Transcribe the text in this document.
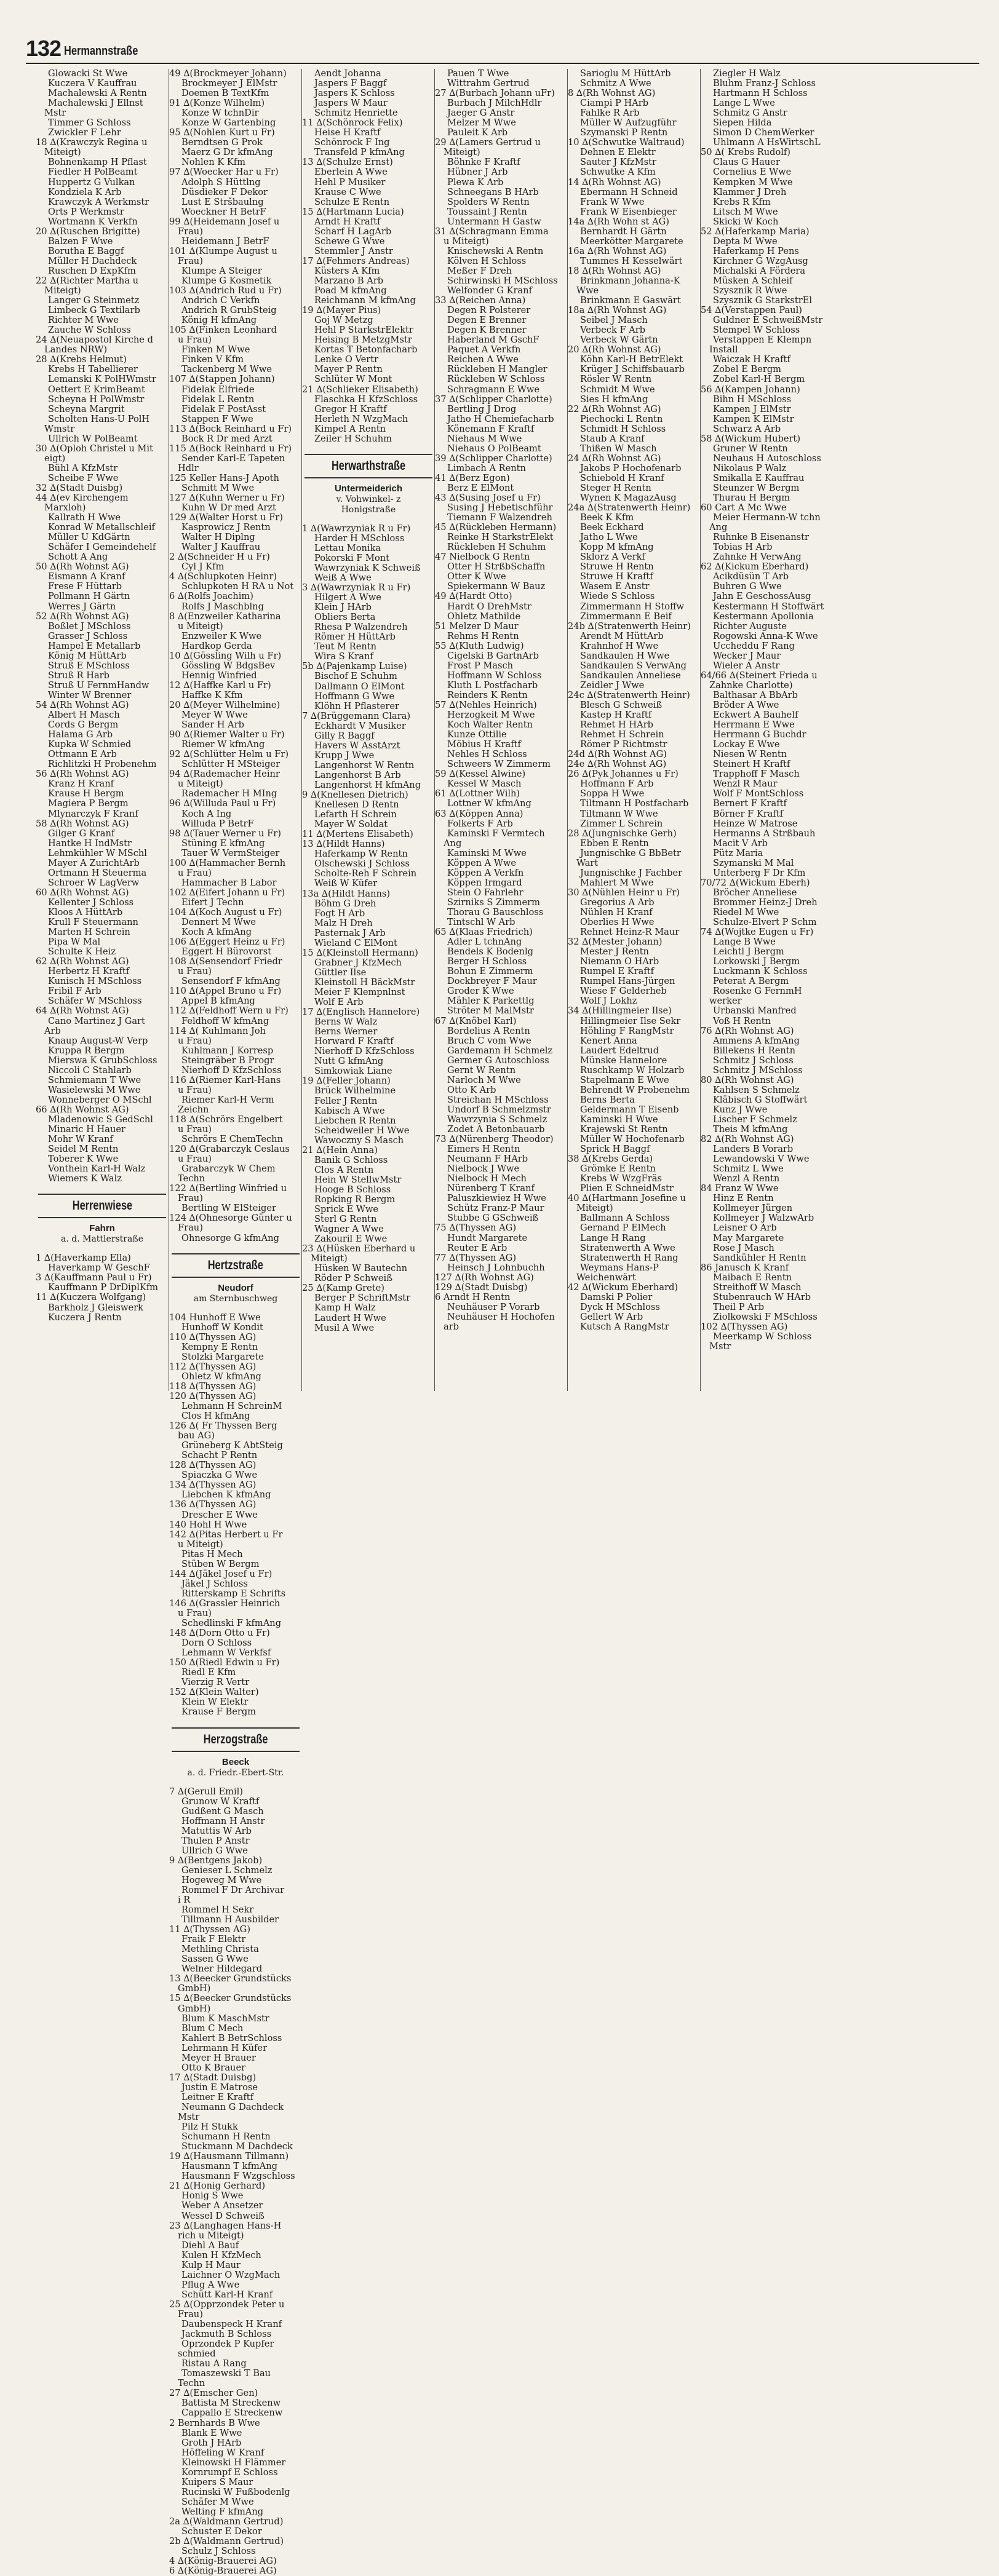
132 Hermannstraße
Glowacki St Wwe
Kuczera V Kauffrau
Machalewski A Rentn
Machalewski J Ellnst
Mstr
Timmer G Schloss
Zwickler F Lehr
18 ∆(Krawczyk Regina u
Miteigt)
Bohnenkamp H Pflast
Fiedler H PolBeamt
Huppertz G Vulkan
Kondziela K Arb
Krawczyk A Werkmstr
Orts P Werkmstr
Wortmann K Verkfn
20 ∆(Ruschen Brigitte)
Balzen F Wwe
Borutha E Baggf
Müller H Dachdeck
Ruschen D ExpKfm
22 ∆(Richter Martha u
Miteigt)
Langer G Steinmetz
Limbeck G Textilarb
Richter M Wwe
Zauche W Schloss
24 ∆(Neuapostol Kirche d
Landes NRW)
28 ∆(Krebs Helmut)
Krebs H Tabellierer
Lemanski K PolHWmstr
Oettert E KrimBeamt
Scheyna H PolWmstr
Scheyna Margrit
Scholten Hans-U PolH
Wmstr
Ullrich W PolBeamt
30 ∆(Oploh Christel u Mit
eigt)
Bühl A KfzMstr
Scheibe F Wwe
32 ∆(Stadt Duisbg)
44 ∆(ev Kirchengem
Marxloh)
Kallrath H Wwe
Konrad W Metallschleif
Müller U KdGärtn
Schäfer I Gemeindehelf
Schott A Ang
50 ∆(Rh Wohnst AG)
Eismann A Kranf
Frese F Hüttarb
Pollmann H Gärtn
Werres J Gärtn
52 ∆(Rh Wohnst AG)
Boßlet J MSchloss
Grasser J Schloss
Hampel E Metallarb
König M HüttArb
Struß E MSchloss
Struß R Harb
Struß U FernmHandw
Winter W Brenner
54 ∆(Rh Wohnst AG)
Albert H Masch
Cords G Bergm
Halama G Arb
Kupka W Schmied
Ottmann E Arb
Richlitzki H Probenehm
56 ∆(Rh Wohnst AG)
Kranz H Kranf
Krause H Bergm
Magiera P Bergm
Mlynarczyk F Kranf
58 ∆(Rh Wohnst AG)
Gilger G Kranf
Hantke H IndMstr
Lehmkühler W MSchl
Mayer A ZurichtArb
Ortmann H Steuerma
Schroer W LagVerw
60 ∆(Rh Wohnst AG)
Kellenter J Schloss
Kloos A HüttArb
Krull F Steuermann
Marten H Schrein
Pipa W Mal
Schulte K Heiz
62 ∆(Rh Wohnst AG)
Herbertz H Kraftf
Kunisch H MSchloss
Fribil F Arb
Schäfer W MSchloss
64 ∆(Rh Wohnst AG)
Cano Martinez J Gart
Arb
Knaup August-W Verp
Kruppa R Bergm
Mierswa K GrubSchloss
Niccoli C Stahlarb
Schmiemann T Wwe
Wasielewski M Wwe
Wonneberger O MSchl
66 ∆(Rh Wohnst AG)
Mladenowic S GedSchl
Minaric H Hauer
Mohr W Kranf
Seidel M Rentn
Toberer K Wwe
Vonthein Karl-H Walz
Wiemers K Walz
Herrenwiese
Fahrn
a. d. Mattlerstraße
1 ∆(Haverkamp Ella)
Haverkamp W GeschF
3 ∆(Kauffmann Paul u Fr)
Kauffmann P DrDiplKfm
11 ∆(Kuczera Wolfgang)
Barkholz J Gleiswerk
Kuczera J Rentn
49 ∆(Brockmeyer Johann)
Brockmeyer J ElMstr
Doemen B TextKfm
91 ∆(Konze Wilhelm)
Konze W tchnDir
Konze W Gartenbing
95 ∆(Nohlen Kurt u Fr)
Berndtsen G Prok
Maerz G Dr kfmAng
Nohlen K Kfm
97 ∆(Woecker Har u Fr)
Adolph S Hüttlng
Düsdieker F Dekor
Lust E Stršbaulng
Woeckner H BetrF
99 ∆(Heidemann Josef u
Frau)
Heidemann J BetrF
101 ∆(Klumpe August u
Frau)
Klumpe A Steiger
Klumpe G Kosmetik
103 ∆(Andrich Rud u Fr)
Andrich C Verkfn
Andrich R GrubSteig
König H kfmAng
105 ∆(Finken Leonhard
u Frau)
Finken M Wwe
Finken V Kfm
Tackenberg M Wwe
107 ∆(Stappen Johann)
Fidelak Elfriede
Fidelak L Rentn
Fidelak F PostAsst
Stappen F Wwe
113 ∆(Bock Reinhard u Fr)
Bock R Dr med Arzt
115 ∆(Bock Reinhard u Fr)
Sender Karl-E Tapeten
Hdlr
125 Keller Hans-J Apoth
Schmitt M Wwe
127 ∆(Kuhn Werner u Fr)
Kuhn W Dr med Arzt
129 ∆(Walter Horst u Fr)
Kasprowicz J Rentn
Walter H Diplng
Walter J Kauffrau
2 ∆(Schneider H u Fr)
Cyl J Kfm
4 ∆(Schlupkoten Heinr)
Schlupkoten H RA u Not
6 ∆(Rolfs Joachim)
Rolfs J Maschblng
8 ∆(Enzweiler Katharina
u Miteigt)
Enzweiler K Wwe
Hardkop Gerda
10 ∆(Gössling Wilh u Fr)
Gössling W BdgsBev
Hennig Winfried
12 ∆(Haffke Karl u Fr)
Haffke K Kfm
20 ∆(Meyer Wilhelmine)
Meyer W Wwe
Sander H Arb
90 ∆(Riemer Walter u Fr)
Riemer W kfmAng
92 ∆(Schlütter Helm u Fr)
Schlütter H MSteiger
94 ∆(Rademacher Heinr
u Miteigt)
Rademacher H MIng
96 ∆(Willuda Paul u Fr)
Koch A Ing
Willuda P BetrF
98 ∆(Tauer Werner u Fr)
Stüning E kfmAng
Tauer W VermSteiger
100 ∆(Hammacher Bernh
u Frau)
Hammacher B Labor
102 ∆(Eifert Johann u Fr)
Eifert J Techn
104 ∆(Koch August u Fr)
Dennert M Wwe
Koch A kfmAng
106 ∆(Eggert Heinz u Fr)
Eggert H Bürovorst
108 ∆(Sensendorf Friedr
u Frau)
Sensendorf F kfmAng
110 ∆(Appel Bruno u Fr)
Appel B kfmAng
112 ∆(Feldhoff Wern u Fr)
Feldhoff W kfmAng
114 ∆( Kuhlmann Joh
u Frau)
Kuhlmann J Korresp
Steingräber B Progr
Nierhoff D KfzSchloss
116 ∆(Riemer Karl-Hans
u Frau)
Riemer Karl-H Verm
Zeichn
118 ∆(Schrörs Engelbert
u Frau)
Schrörs E ChemTechn
120 ∆(Grabarczyk Ceslaus
u Frau)
Grabarczyk W Chem
Techn
122 ∆(Bertling Winfried u
Frau)
Bertling W ElSteiger
124 ∆(Ohnesorge Günter u
Frau)
Ohnesorge G kfmAng
Hertzstraße
Neudorf
am Sternbuschweg
104 Hunhoff E Wwe
Hunhoff W Kondit
110 ∆(Thyssen AG)
Kempny E Rentn
Stolzki Margarete
112 ∆(Thyssen AG)
Ohletz W kfmAng
118 ∆(Thyssen AG)
120 ∆(Thyssen AG)
Lehmann H SchreinM
Clos H kfmAng
126 ∆( Fr Thyssen Berg
bau AG)
Grüneberg K AbtSteig
Schacht P Rentn
128 ∆(Thyssen AG)
Spiaczka G Wwe
134 ∆(Thyssen AG)
Liebchen K kfmAng
136 ∆(Thyssen AG)
Drescher E Wwe
140 Hohl H Wwe
142 ∆(Pitas Herbert u Fr
u Miteigt)
Pitas H Mech
Stüben W Bergm
144 ∆(Jäkel Josef u Fr)
Jäkel J Schloss
Ritterskamp E Schrifts
146 ∆(Grassler Heinrich
u Frau)
Schedlinski F kfmAng
148 ∆(Dorn Otto u Fr)
Dorn O Schloss
Lehmann W Verkfsf
150 ∆(Riedl Edwin u Fr)
Riedl E Kfm
Vierzig R Vertr
152 ∆(Klein Walter)
Klein W Elektr
Krause F Bergm
Herzogstraße
Beeck
a. d. Friedr.-Ebert-Str.
7 ∆(Gerull Emil)
Grunow W Kraftf
Gudßent G Masch
Hoffmann H Anstr
Matuttis W Arb
Thulen P Anstr
Ullrich G Wwe
9 ∆(Bentgens Jakob)
Genieser L Schmelz
Hogeweg M Wwe
Rommel F Dr Archivar
i R
Rommel H Sekr
Tillmann H Ausbilder
11 ∆(Thyssen AG)
Fraik F Elektr
Methling Christa
Sassen G Wwe
Welner Hildegard
13 ∆(Beecker Grundstücks
GmbH)
15 ∆(Beecker Grundstücks
GmbH)
Blum K MaschMstr
Blum C Mech
Kahlert B BetrSchloss
Lehrmann H Küfer
Meyer H Brauer
Otto K Brauer
17 ∆(Stadt Duisbg)
Justin E Matrose
Leitner E Kraftf
Neumann G Dachdeck
Mstr
Pilz H Stukk
Schumann H Rentn
Stuckmann M Dachdeck
19 ∆(Hausmann Tillmann)
Hausmann T kfmAng
Hausmann F Wzgschloss
21 ∆(Honig Gerhard)
Honig S Wwe
Weber A Ansetzer
Wessel D Schweiß
23 ∆(Langhagen Hans-H
rich u Miteigt)
Diehl A Bauf
Kulen H KfzMech
Kulp H Maur
Laichner O WzgMach
Pflug A Wwe
Schütt Karl-H Kranf
25 ∆(Opprzondek Peter u
Frau)
Daubenspeck H Kranf
Jackmuth B Schloss
Oprzondek P Kupfer
schmied
Ristau A Rang
Tomaszewski T Bau
Techn
27 ∆(Emscher Gen)
Battista M Streckenw
Cappallo E Streckenw
2 Bernhards B Wwe
Blank E Wwe
Groth J HArb
Höffeling W Kranf
Kleinowski H Flämmer
Kornrumpf E Schloss
Kuipers S Maur
Rucinski W Fußbodenlg
Schäfer M Wwe
Welting F kfmAng
2a ∆(Waldmann Gertrud)
Schuster E Dekor
2b ∆(Waldmann Gertrud)
Schulz J Schloss
4 ∆(König-Brauerei AG)
6 ∆(König-Brauerei AG)
Aendt Johanna
Jaspers F Baggf
Jaspers K Schloss
Jaspers W Maur
Schmitz Henriette
11 ∆(Schönrock Felix)
Heise H Kraftf
Schönrock F Ing
Transfeld P kfmAng
13 ∆(Schulze Ernst)
Eberlein A Wwe
Hehl P Musiker
Krause C Wwe
Schulze E Rentn
15 ∆(Hartmann Lucia)
Arndt H Kraftf
Scharf H LagArb
Schewe G Wwe
Stemmler J Anstr
17 ∆(Fehmers Andreas)
Küsters A Kfm
Marzano B Arb
Poad M kfmAng
Reichmann M kfmAng
19 ∆(Mayer Pius)
Goj W Metzg
Hehl P StarkstrElektr
Heising B MetzgMstr
Kortas T Betonfacharb
Lenke O Vertr
Mayer P Rentn
Schlüter W Mont
21 ∆(Schlieker Elisabeth)
Flaschka H KfzSchloss
Gregor H Kraftf
Herleth N WzgMach
Kimpel A Rentn
Zeiler H Schuhm
Herwarthstraße
Untermeiderich
v. Vohwinkel- z
Honigstraße
1 ∆(Wawrzyniak R u Fr)
Harder H MSchloss
Lettau Monika
Pokorski F Mont
Wawrzyniak K Schweiß
Weiß A Wwe
3 ∆(Wawrzyniak R u Fr)
Hilgert A Wwe
Klein J HArb
Obliers Berta
Rhesa P Walzendreh
Römer H HüttArb
Teut M Rentn
Wira S Kranf
5b ∆(Pajenkamp Luise)
Bischof E Schuhm
Dallmann O ElMont
Hoffmann G Wwe
Klöhn H Pflasterer
7 ∆(Brüggemann Clara)
Eckhardt V Musiker
Gilly R Baggf
Havers W AsstArzt
Krupp J Wwe
Langenhorst W Rentn
Langenhorst B Arb
Langenhorst H kfmAng
9 ∆(Knellesen Dietrich)
Knellesen D Rentn
Lefarth H Schrein
Mayer W Soldat
11 ∆(Mertens Elisabeth)
13 ∆(Hildt Hanns)
Haferkamp W Rentn
Olschewski J Schloss
Scholte-Reh F Schrein
Weiß W Küfer
13a ∆(Hildt Hanns)
Böhm G Dreh
Fogt H Arb
Malz H Dreh
Pasternak J Arb
Wieland C ElMont
15 ∆(Kleinstoll Hermann)
Grabner J KfzMech
Güttler Ilse
Kleinstoll H BäckMstr
Meier F Klempnlnst
Wolf E Arb
17 ∆(Englisch Hannelore)
Berns W Walz
Berns Werner
Horward F Kraftf
Nierhoff D KfzSchloss
Nutt G kfmAng
Simkowiak Liane
19 ∆(Feller Johann)
Brück Wilhelmine
Feller J Rentn
Kabisch A Wwe
Liebchen R Rentn
Scheidweiler H Wwe
Wawoczny S Masch
21 ∆(Hein Anna)
Banik G Schloss
Clos A Rentn
Hein W StellwMstr
Hooge B Schloss
Ropking R Bergm
Sprick E Wwe
Sterl G Rentn
Wagner A Wwe
Zakouril E Wwe
23 ∆(Hüsken Eberhard u
Miteigt)
Hüsken W Bautechn
Röder P Schweiß
25 ∆(Kamp Grete)
Berger P SchriftMstr
Kamp H Walz
Laudert H Wwe
Musil A Wwe
Pauen T Wwe
Wittrahm Gertrud
27 ∆(Burbach Johann uFr)
Burbach J MilchHdlr
Jaeger G Anstr
Melzer M Wwe
Pauleit K Arb
29 ∆(Lamers Gertrud u
Miteigt)
Böhnke F Kraftf
Hübner J Arb
Plewa K Arb
Schneegans B HArb
Spolders W Rentn
Toussaint J Rentn
Untermann H Gastw
31 ∆(Schragmann Emma
u Miteigt)
Knischewski A Rentn
Kölven H Schloss
Meßer F Dreh
Schirwinski H MSchloss
Welfonder G Kranf
33 ∆(Reichen Anna)
Degen R Polsterer
Degen E Brenner
Degen K Brenner
Haberland M GschF
Paquet A Verkfn
Reichen A Wwe
Rückleben H Mangler
Rückleben W Schloss
Schragmann E Wwe
37 ∆(Schlipper Charlotte)
Bertling J Drog
Jatho H Chemiefacharb
Könemann F Kraftf
Niehaus M Wwe
Niehaus O PolBeamt
39 ∆(Schlipper Charlotte)
Limbach A Rentn
41 ∆(Berz Egon)
Berz E ElMont
43 ∆(Susing Josef u Fr)
Susing J Hebetischführ
Tiemann F Walzendreh
45 ∆(Rückleben Hermann)
Reinke H StarkstrElekt
Rückleben H Schuhm
47 Nielbock G Rentn
Otter H StrßbSchaffn
Otter K Wwe
Spiekermann W Bauz
49 ∆(Hardt Otto)
Hardt O DrehMstr
Ohletz Mathilde
51 Melzer D Maur
Rehms H Rentn
55 ∆(Kluth Ludwig)
Cigelski B GartnArb
Frost P Masch
Hoffmann W Schloss
Kluth L Postfacharb
Reinders K Rentn
57 ∆(Nehles Heinrich)
Herzogkeit M Wwe
Koch Walter Rentn
Kunze Ottilie
Möbius H Kraftf
Nehles H Schloss
Schweers W Zimmerm
59 ∆(Kessel Alwine)
Kessel W Masch
61 ∆(Lottner Wilh)
Lottner W kfmAng
63 ∆(Köppen Anna)
Folkerts F Arb
Kaminski F Vermtech
Ang
Kaminski M Wwe
Köppen A Wwe
Köppen A Verkfn
Köppen Irmgard
Stein O Fahrlehr
Szirniks S Zimmerm
Thorau G Bauschloss
Tintschl W Arb
65 ∆(Klaas Friedrich)
Adler L tchnAng
Bendels K Bodenlg
Berger H Schloss
Bohun E Zimmerm
Dockbreyer F Maur
Groder K Wwe
Mähler K Parkettlg
Ströter M MalMstr
67 ∆(Knöbel Karl)
Bordelius A Rentn
Bruch C vom Wwe
Gardemann H Schmelz
Germer G Autoschloss
Gernt W Rentn
Narloch M Wwe
Otto K Arb
Streichan H MSchloss
Undorf B Schmelzmstr
Wawrzynia S Schmelz
Zodet A Betonbauarb
73 ∆(Nürenberg Theodor)
Eimers H Rentn
Neumann F HArb
Nielbock J Wwe
Nielbock H Mech
Nürenberg T Kranf
Paluszkiewiez H Wwe
Schütz Franz-P Maur
Stubbe G GSchweiß
75 ∆(Thyssen AG)
Hundt Margarete
Reuter E Arb
77 ∆(Thyssen AG)
Heinsch J Lohnbuchh
127 ∆(Rh Wohnst AG)
129 ∆(Stadt Duisbg)
6 Arndt H Rentn
Neuhäuser P Vorarb
Neuhäuser H Hochofen
arb
Sarioglu M HüttArb
Schmitz A Wwe
8 ∆(Rh Wohnst AG)
Ciampi P HArb
Fahlke R Arb
Müller W Aufzugführ
Szymanski P Rentn
10 ∆(Schwutke Waltraud)
Dehnen E Elektr
Sauter J KfzMstr
Schwutke A Kfm
14 ∆(Rh Wohnst AG)
Ebermann H Schneid
Frank W Wwe
Frank W Eisenbieger
14a ∆(Rh Wohn st AG)
Bernhardt H Gärtn
Meerkötter Margarete
16a ∆(Rh Wohnst AG)
Tummes H Kesselwärt
18 ∆(Rh Wohnst AG)
Brinkmann Johanna-K
Wwe
Brinkmann E Gaswärt
18a ∆(Rh Wohnst AG)
Seibel J Masch
Verbeck F Arb
Verbeck W Gärtn
20 ∆(Rh Wohnst AG)
Köhn Karl-H BetrElekt
Krüger J Schiffsbauarb
Rösler W Rentn
Schmidt M Wwe
Sies H kfmAng
22 ∆(Rh Wohnst AG)
Piechocki L Rentn
Schmidt H Schloss
Staub A Kranf
Thißen W Masch
24 ∆(Rh Wohnst AG)
Jakobs P Hochofenarb
Schiebold H Kranf
Steger H Rentn
Wynen K MagazAusg
24a ∆(Stratenwerth Heinr)
Beek K Kfm
Beek Eckhard
Jatho L Wwe
Kopp M kfmAng
Sklorz A Verkf
Struwe H Rentn
Struwe H Kraftf
Wasem E Anstr
Wiede S Schloss
Zimmermann H Stoffw
Zimmermann E Beif
24b ∆(Stratenwerth Heinr)
Arendt M HüttArb
Krahnhof H Wwe
Sandkaulen H Wwe
Sandkaulen S VerwAng
Sandkaulen Anneliese
Zeidler J Wwe
24c ∆(Stratenwerth Heinr)
Blesch G Schweiß
Kastep H Kraftf
Rehmet H HArb
Rehmet H Schrein
Römer P Richtmstr
24d ∆(Rh Wohnst AG)
24e ∆(Rh Wohnst AG)
26 ∆(Pyk Johannes u Fr)
Hoffmann F Arb
Soppa H Wwe
Tiltmann H Postfacharb
Tiltmann W Wwe
Zimmer L Schrein
28 ∆(Jungnischke Gerh)
Ebben E Rentn
Jungnischke G BbBetr
Wart
Jungnischke J Fachber
Mahlert M Wwe
30 ∆(Nühlen Heinr u Fr)
Gregorius A Arb
Nühlen H Kranf
Oberlies H Wwe
Rehnet Heinz-R Maur
32 ∆(Mester Johann)
Mester J Rentn
Niemann O HArb
Rumpel E Kraftf
Rumpel Hans-Jürgen
Wiese F Gelderheb
Wolf J Lokhz
34 ∆(Hillingmeier Ilse)
Hillingmeier Ilse Sekr
Höhling F RangMstr
Kenert Anna
Laudert Edeltrud
Münske Hannelore
Ruschkamp W Holzarb
Stapelmann E Wwe
Behrendt W Probenehm
Berns Berta
Geldermann T Eisenb
Kaminski H Wwe
Krajewski St Rentn
Müller W Hochofenarb
Sprick H Baggf
38 ∆(Krebs Gerda)
Grömke E Rentn
Krebs W WzgFräs
Plien E SchneidMstr
40 ∆(Hartmann Josefine u
Miteigt)
Ballmann A Schloss
Gernand P ElMech
Lange H Rang
Stratenwerth A Wwe
Stratenwerth H Rang
Weymans Hans-P
Weichenwärt
42 ∆(Wickum Eberhard)
Damski P Polier
Dyck H MSchloss
Gellert W Arb
Kutsch A RangMstr
Ziegler H Walz
Bluhm Franz-J Schloss
Hartmann H Schloss
Lange L Wwe
Schmitz G Anstr
Siepen Hilda
Simon D ChemWerker
Uhlmann A HsWirtschL
50 ∆( Krebs Rudolf)
Claus G Hauer
Cornelius E Wwe
Kempken M Wwe
Klammer J Dreh
Krebs R Kfm
Litsch M Wwe
Skicki W Koch
52 ∆(Haferkamp Maria)
Depta M Wwe
Haferkamp H Pens
Kirchner G WzgAusg
Michalski A Fördera
Müsken A Schleif
Szysznik R Wwe
Szysznik G StarkstrEl
54 ∆(Verstappen Paul)
Guldner E SchweißMstr
Stempel W Schloss
Verstappen E Klempn
Install
Waiczak H Kraftf
Zobel E Bergm
Zobel Karl-H Bergm
56 ∆(Kampen Johann)
Bihn H MSchloss
Kampen J ElMstr
Kampen K ElMstr
Schwarz A Arb
58 ∆(Wickum Hubert)
Gruner W Rentn
Neuhaus H Autoschloss
Nikolaus P Walz
Smikalla E Kauffrau
Steunzer W Bergm
Thurau H Bergm
60 Cart A Mc Wwe
Meier Hermann-W tchn
Ang
Ruhnke B Eisenanstr
Tobias H Arb
Zahnke H VerwAng
62 ∆(Kickum Eberhard)
Acikdüsün T Arb
Buhren G Wwe
Jahn E GeschossAusg
Kestermann H Stoffwärt
Kestermann Apollonia
Richter Auguste
Rogowski Anna-K Wwe
Uccheddu F Rang
Wecker J Maur
Wieler A Anstr
64/66 ∆(Steinert Frieda u
Zahnke Charlotte)
Balthasar A BbArb
Bröder A Wwe
Eckwert A Bauhelf
Herrmann E Wwe
Herrmann G Buchdr
Lockay E Wwe
Niesen W Rentn
Steinert H Kraftf
Trapphoff F Masch
Wenzl R Maur
Wolf F MontSchloss
Bernert F Kraftf
Börner F Kraftf
Heinze W Matrose
Hermanns A Strßbauh
Macit V Arb
Pütz Maria
Szymanski M Mal
Unterberg F Dr Kfm
70/72 ∆(Wickum Eberh)
Bröcher Anneliese
Brommer Heinz-J Dreh
Riedel M Wwe
Schulze-Elvert P Schm
74 ∆(Wojtke Eugen u Fr)
Lange B Wwe
Leichtl J Bergm
Lorkowski J Bergm
Luckmann K Schloss
Peterat A Bergm
Rosenke G FernmH
werker
Urbanski Manfred
Voß H Rentn
76 ∆(Rh Wohnst AG)
Ammens A kfmAng
Billekens H Rentn
Schmitz J Schloss
Schmitz J MSchloss
80 ∆(Rh Wohnst AG)
Kahlsen S Schmelz
Kläbisch G Stoffwärt
Kunz J Wwe
Lischer F Schmelz
Theis M kfmAng
82 ∆(Rh Wohnst AG)
Landers B Vorarb
Lewandowski V Wwe
Schmitz L Wwe
Wenzl A Rentn
84 Franz W Wwe
Hinz E Rentn
Kollmeyer Jürgen
Kollmeyer J WalzwArb
Leisner O Arb
May Margarete
Rose J Masch
Sandkühler H Rentn
86 Janusch K Kranf
Maibach E Rentn
Streithoff W Masch
Stubenrauch W HArb
Theil P Arb
Ziolkowski F MSchloss
102 ∆(Thyssen AG)
Meerkamp W Schloss
Mstr
